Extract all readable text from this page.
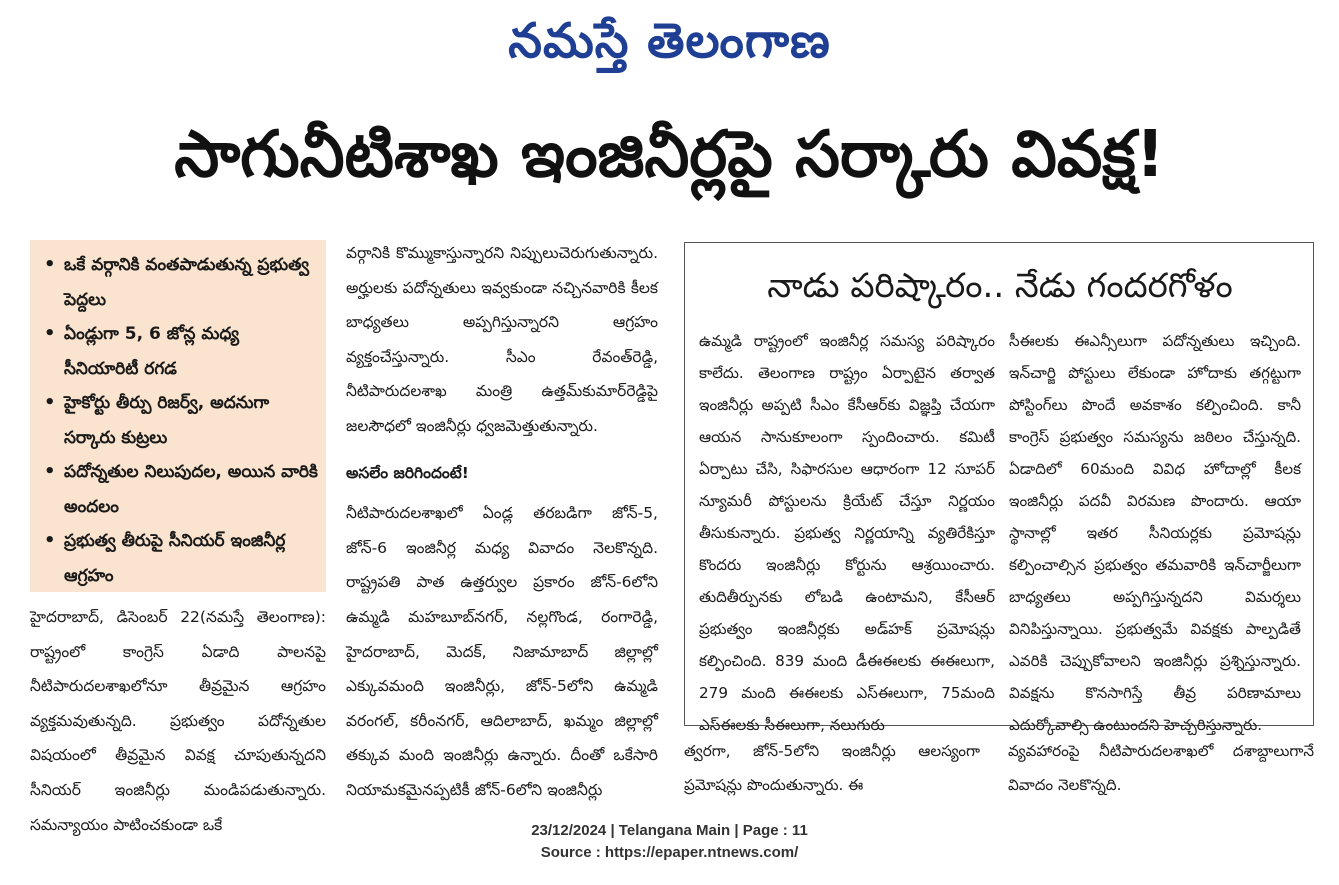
నమస్తే తెలంగాణ
సాగునీటిశాఖ ఇంజినీర్లపై సర్కారు వివక్ష!
• ఒకే వర్గానికి వంతపాడుతున్న ప్రభుత్వ పెద్దలు
• ఏండ్లుగా 5, 6 జోన్ల మధ్య సీనియారిటీ రగడ
• హైకోర్టు తీర్పు రిజర్వ్, అదనుగా సర్కారు కుట్రలు
• పదోన్నతుల నిలుపుదల, అయిన వారికి అందలం
• ప్రభుత్వ తీరుపై సీనియర్ ఇంజినీర్ల ఆగ్రహం

హైదరాబాద్, డిసెంబర్ 22(నమస్తే తెలంగాణ): రాష్ట్రంలో కాంగ్రెస్ ఏడాది పాలనపై నీటిపారుదలశాఖలోనూ తీవ్రమైన ఆగ్రహం వ్యక్తమవుతున్నది. ప్రభుత్వం పదోన్నతుల విషయంలో తీవ్రమైన వివక్ష చూపుతున్నదని సీనియర్ ఇంజినీర్లు మండిపడుతున్నారు. సమన్యాయం పాటించకుండా ఒకే

వర్గానికి కొమ్ముకాస్తున్నారని నిప్పులుచెరుగుతున్నారు. అర్హులకు పదోన్నతులు ఇవ్వకుండా నచ్చినవారికి కీలక బాధ్యతలు అప్పగిస్తున్నారని ఆగ్రహం వ్యక్తంచేస్తున్నారు. సీఎం రేవంత్‌రెడ్డి, నీటిపారుదలశాఖ మంత్రి ఉత్తమ్‌కుమార్‌రెడ్డిపై జలసౌధలో ఇంజినీర్లు ధ్వజమెత్తుతున్నారు.

అసలేం జరిగిందంటే!

నీటిపారుదలశాఖలో ఏండ్ల తరబడిగా జోన్-5, జోన్-6 ఇంజినీర్ల మధ్య వివాదం నెలకొన్నది. రాష్ట్రపతి పాత ఉత్తర్వుల ప్రకారం జోన్-6లోని ఉమ్మడి మహబూబ్‌నగర్, నల్లగొండ, రంగారెడ్డి, హైదరాబాద్, మెదక్, నిజామాబాద్ జిల్లాల్లో ఎక్కువమంది ఇంజినీర్లు, జోన్-5లోని ఉమ్మడి వరంగల్, కరీంనగర్, ఆదిలాబాద్, ఖమ్మం జిల్లాల్లో తక్కువ మంది ఇంజినీర్లు ఉన్నారు. దీంతో ఒకేసారి నియామకమైనప్పటికీ జోన్-6లోని ఇంజినీర్లు

నాడు పరిష్కారం.. నేడు గందరగోళం
ఉమ్మడి రాష్ట్రంలో ఇంజినీర్ల సమస్య పరిష్కారం కాలేదు. తెలంగాణ రాష్ట్రం ఏర్పాటైన తర్వాత ఇంజినీర్లు అప్పటి సీఎం కేసీఆర్‌కు విజ్ఞప్తి చేయగా ఆయన సానుకూలంగా స్పందించారు. కమిటీ ఏర్పాటు చేసి, సిఫారసుల ఆధారంగా 12 సూపర్ న్యూమరీ పోస్టులను క్రియేట్ చేస్తూ నిర్ణయం తీసుకున్నారు. ప్రభుత్వ నిర్ణయాన్ని వ్యతిరేకిస్తూ కొందరు ఇంజినీర్లు కోర్టును ఆశ్రయించారు. తుదితీర్పునకు లోబడి ఉంటామని, కేసీఆర్ ప్రభుత్వం ఇంజినీర్లకు అడ్‌హక్ ప్రమోషన్లు కల్పించింది. 839 మంది డీఈఈలకు ఈఈలుగా, 279 మంది ఈఈలకు ఎస్‌ఈలుగా, 75మంది ఎస్‌ఈలకు సీఈలుగా, నలుగురు
సీఈలకు ఈఎన్సీలుగా పదోన్నతులు ఇచ్చింది. ఇన్‌చార్జి పోస్టులు లేకుండా హోదాకు తగ్గట్టుగా పోస్టింగ్‌లు పొందే అవకాశం కల్పించింది. కానీ కాంగ్రెస్ ప్రభుత్వం సమస్యను జఠిలం చేస్తున్నది. ఏడాదిలో 60మంది వివిధ హోదాల్లో కీలక ఇంజినీర్లు పదవీ విరమణ పొందారు. ఆయా స్థానాల్లో ఇతర సీనియర్లకు ప్రమోషన్లు కల్పించాల్సిన ప్రభుత్వం తమవారికి ఇన్‌చార్జీలుగా బాధ్యతలు అప్పగిస్తున్నదని విమర్శలు వినిపిస్తున్నాయి. ప్రభుత్వమే వివక్షకు పాల్పడితే ఎవరికి చెప్పుకోవాలని ఇంజినీర్లు ప్రశ్నిస్తున్నారు. వివక్షను కొనసాగిస్తే తీవ్ర పరిణామాలు ఎదుర్కోవాల్సి ఉంటుందని హెచ్చరిస్తున్నారు.
త్వరగా, జోన్-5లోని ఇంజినీర్లు ఆలస్యంగా ప్రమోషన్లు పొందుతున్నారు. ఈ
వ్యవహారంపై నీటిపారుదలశాఖలో దశాబ్దాలుగానే వివాదం నెలకొన్నది.
23/12/2024 | Telangana Main | Page : 11
Source : https://epaper.ntnews.com/
